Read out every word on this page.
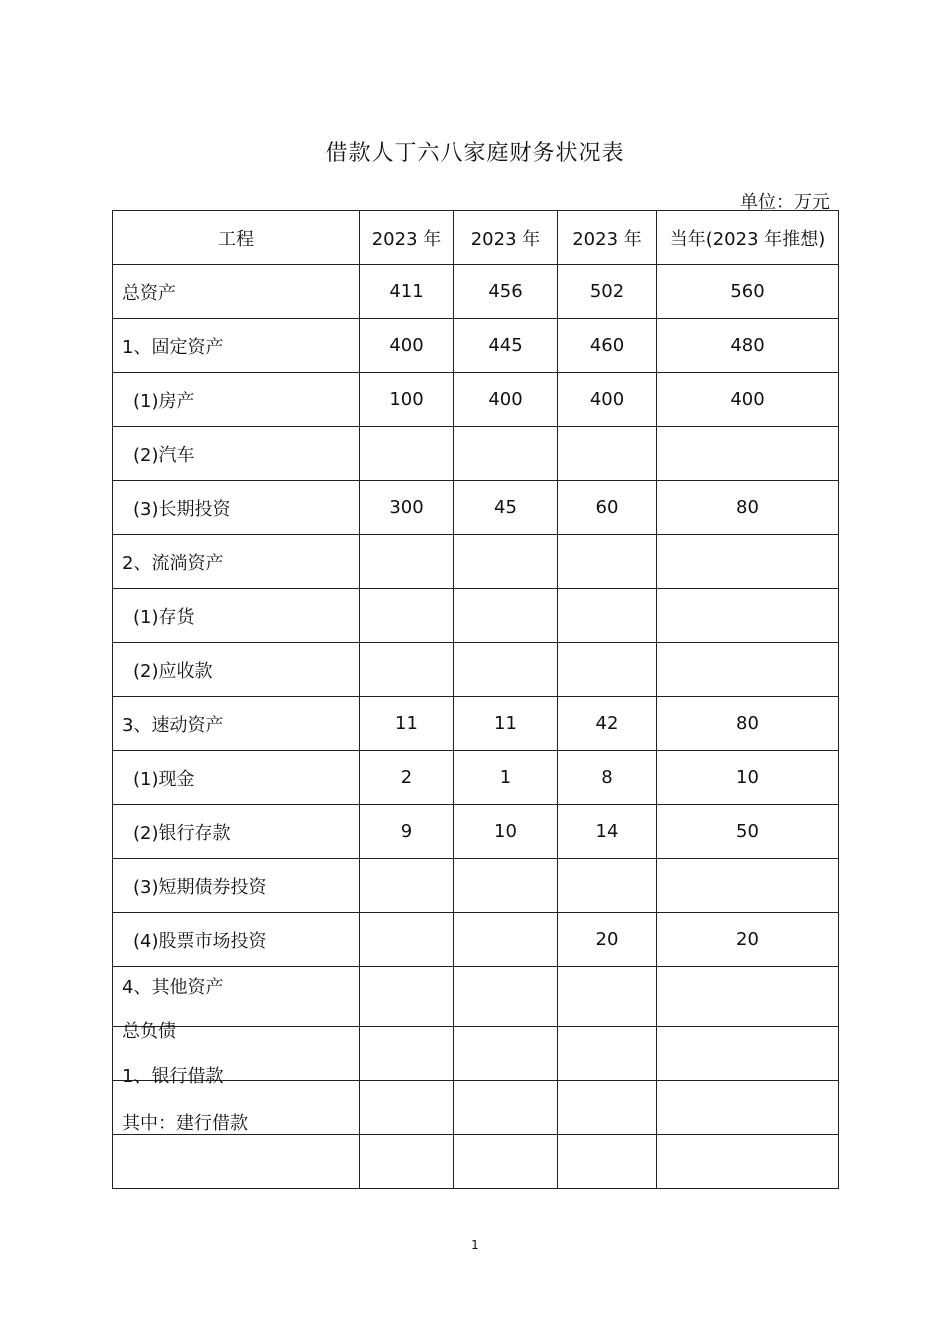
借款人丁六八家庭财务状况表
单位：万元
工程	2023 年	2023 年	2023 年	当年(2023 年推想)
总资产	411	456	502	560
1、固定资产	400	445	460	480
(1)房产	100	400	400	400
(2)汽车				
(3)长期投资	300	45	60	80
2、流淌资产				
(1)存货				
(2)应收款				
3、速动资产	11	11	42	80
(1)现金	2	1	8	10
(2)银行存款	9	10	14	50
(3)短期债券投资				
(4)股票市场投资			20	20
4、其他资产				

总负债
1、银行借款
其中：建行借款
1
